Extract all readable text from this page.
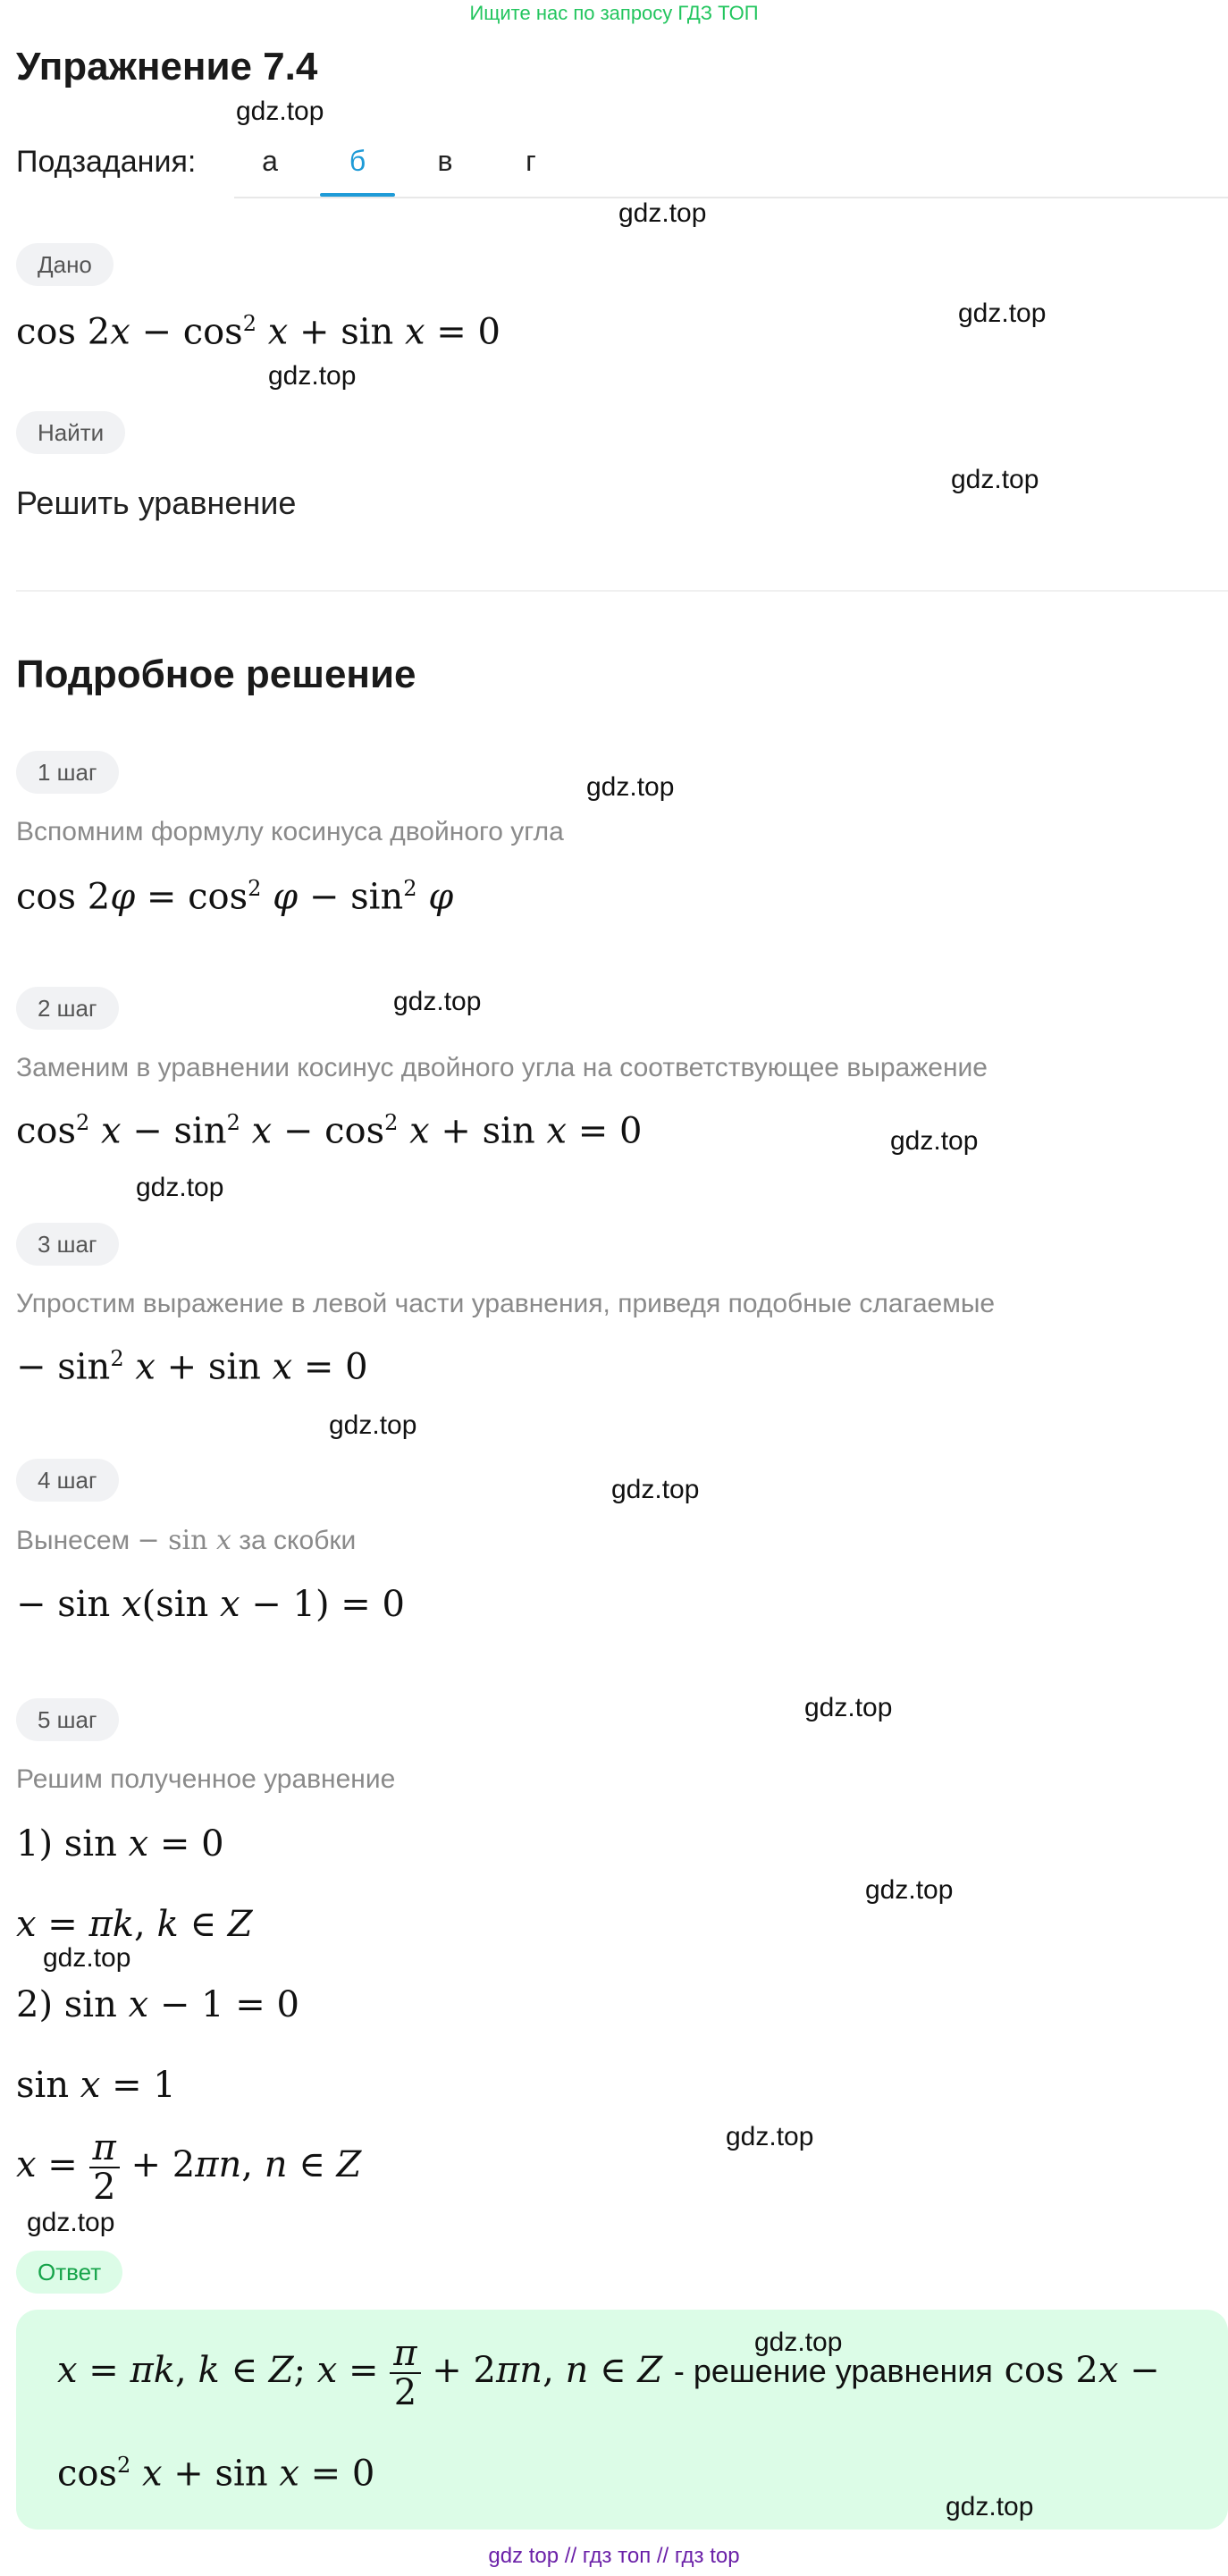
Ищите нас по запросу ГДЗ ТОП
Упражнение 7.4
Подзадания:	а	б	в	г
Дано
$\cos 2x - \cos^2 x + \sin x = 0$
Найти
Решить уравнение
Подробное решение
1 шаг
Вспомним формулу косинуса двойного угла
$\cos 2\varphi = \cos^2 \varphi - \sin^2 \varphi$
2 шаг
Заменим в уравнении косинус двойного угла на соответствующее выражение
$\cos^2 x - \sin^2 x - \cos^2 x + \sin x = 0$
3 шаг
Упростим выражение в левой части уравнения, приведя подобные слагаемые
− $\sin^2 x + \sin x = 0$
4 шаг
Вынесем − sin x за скобки
− sin x(sin x − 1) = 0
5 шаг
Решим полученное уравнение
1) sin x = 0
x = πk, k ∈ Z
2) sin x − 1 = 0
sin x = 1
$x = \frac{\pi}{2} + 2\pi n$, n ∈ Z
Ответ
x = πk, k ∈ Z; $x = \frac{\pi}{2} + 2\pi n$, n ∈ Z - решение уравнения cos 2x −
$\cos^2 x + \sin x = 0$
gdz.top
gdz.top
gdz.top
gdz.top
gdz.top
gdz.top
gdz.top
gdz.top
gdz.top
gdz.top
gdz.top
gdz.top
gdz.top
gdz.top
gdz.top
gdz.top
gdz.top
gdz.top
gdz top // гдз топ // гдз top
